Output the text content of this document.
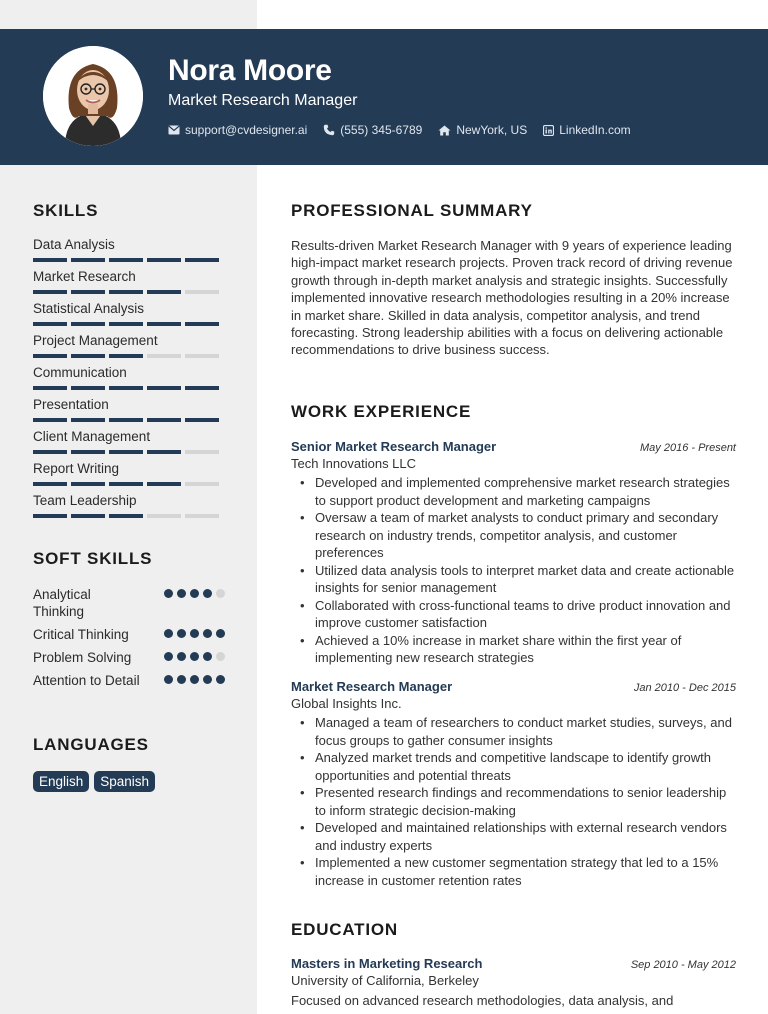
Nora Moore
Market Research Manager
support@cvdesigner.ai	(555) 345-6789	NewYork, US	LinkedIn.com
SKILLS
Data Analysis
Market Research
Statistical Analysis
Project Management
Communication
Presentation
Client Management
Report Writing
Team Leadership
SOFT SKILLS
Analytical Thinking
Critical Thinking
Problem Solving
Attention to Detail
LANGUAGES
English	Spanish
PROFESSIONAL SUMMARY
Results-driven Market Research Manager with 9 years of experience leading high-impact market research projects. Proven track record of driving revenue growth through in-depth market analysis and strategic insights. Successfully implemented innovative research methodologies resulting in a 20% increase in market share. Skilled in data analysis, competitor analysis, and trend forecasting. Strong leadership abilities with a focus on delivering actionable recommendations to drive business success.
WORK EXPERIENCE
Senior Market Research Manager	May 2016 - Present
Tech Innovations LLC
• Developed and implemented comprehensive market research strategies to support product development and marketing campaigns
• Oversaw a team of market analysts to conduct primary and secondary research on industry trends, competitor analysis, and customer preferences
• Utilized data analysis tools to interpret market data and create actionable insights for senior management
• Collaborated with cross-functional teams to drive product innovation and improve customer satisfaction
• Achieved a 10% increase in market share within the first year of implementing new research strategies
Market Research Manager	Jan 2010 - Dec 2015
Global Insights Inc.
• Managed a team of researchers to conduct market studies, surveys, and focus groups to gather consumer insights
• Analyzed market trends and competitive landscape to identify growth opportunities and potential threats
• Presented research findings and recommendations to senior leadership to inform strategic decision-making
• Developed and maintained relationships with external research vendors and industry experts
• Implemented a new customer segmentation strategy that led to a 15% increase in customer retention rates
EDUCATION
Masters in Marketing Research	Sep 2010 - May 2012
University of California, Berkeley
Focused on advanced research methodologies, data analysis, and
